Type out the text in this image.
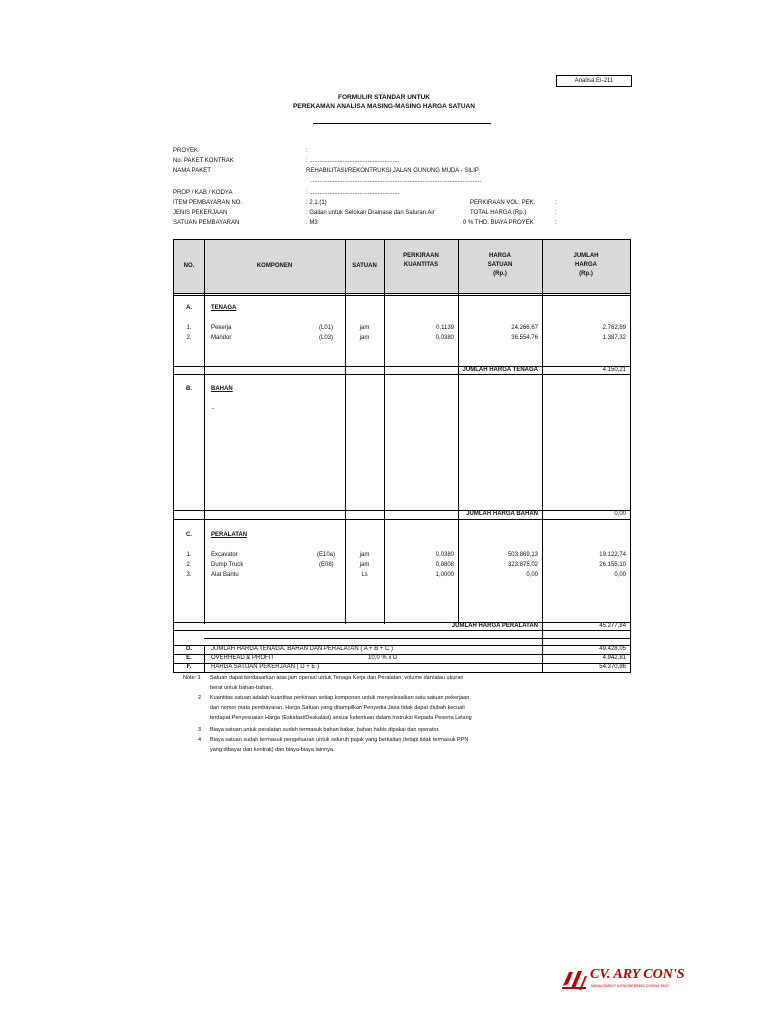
Analisa EI-211
FORMULIR STANDAR UNTUK
PEREKAMAN ANALISA MASING-MASING HARGA SATUAN
PROYEK	:
No. PAKET KONTRAK	: ......................................................
NAMA PAKET	REHABILITASI/REKONTRUKSI JALAN GUNUNG MUDA - SILIP
......................................................................................................
PROP / KAB / KODYA	: ......................................................
ITEM PEMBAYARAN NO.	: 2.1.(1)
JENIS PEKERJAAN	: Galian untuk Selokan Drainase dan Saluran Air
SATUAN PEMBAYARAN	: M3
PERKIRAAN VOL. PEK.	:
TOTAL HARGA (Rp.)	:
0 % THD. BIAYA PROYEK	:
NO.	KOMPONEN	SATUAN
PERKIRAAN
KUANTITAS
HARGA
SATUAN
(Rp.)
JUMLAH
HARGA
(Rp.)
A.	TENAGA
1.	Pekerja	(L01)	jam	0,1139	24.266,67	2.762,89
2.	Mandor	(L03)	jam	0,0380	36.554,76	1.387,32
JUMLAH HARGA TENAGA	4.150,21
B.	BAHAN
-
JUMLAH HARGA BAHAN	0,00
C.	PERALATAN
1.	Excavator	(E10a)	jam	0,0380	503.869,13	19.122,74
2.	Dump Truck	(E08)	jam	0,0808	323.875,02	26.155,10
3.	Alat Bantu	Ls	1,0000	0,00	0,00
JUMLAH HARGA PERALATAN	45.277,84
D.	JUMLAH HARGA TENAGA, BAHAN DAN PERALATAN ( A + B + C )	49.428,05
E.	OVERHEAD & PROFIT	10,0 % x D	4.942,81
F.	HARGA SATUAN PEKERJAAN ( D + E )	54.370,86
Note: 1 Satuan dapat berdasarkan atas jam operasi untuk Tenaga Kerja dan Peralatan, volume dan/atau ukuran
berat untuk bahan-bahan.
2 Kuantitas satuan adalah kuantitas perkiraan setiap komponen untuk menyelesaikan satu satuan pekerjaan
dari nomor mata pembayaran. Harga Satuan yang ditampilkan Penyedia Jasa tidak dapat diubah kecuali
terdapat Penyesuaian Harga (Eskalasi/Deskalasi) sesuai ketentuan dalam Instruksi Kepada Peserta Lelang
3 Biaya satuan untuk peralatan sudah termasuk bahan bakar, bahan habis dipakai dan operator.
4 Biaya satuan sudah termasuk pengeluaran untuk seluruh pajak yang berkaitan (tetapi tidak termasuk PPN
yang dibayar dari kontrak) dan biaya-biaya lainnya.
CV. ARY CON'S
MANAGEMENT & ENGINEERING CONSULTANT
